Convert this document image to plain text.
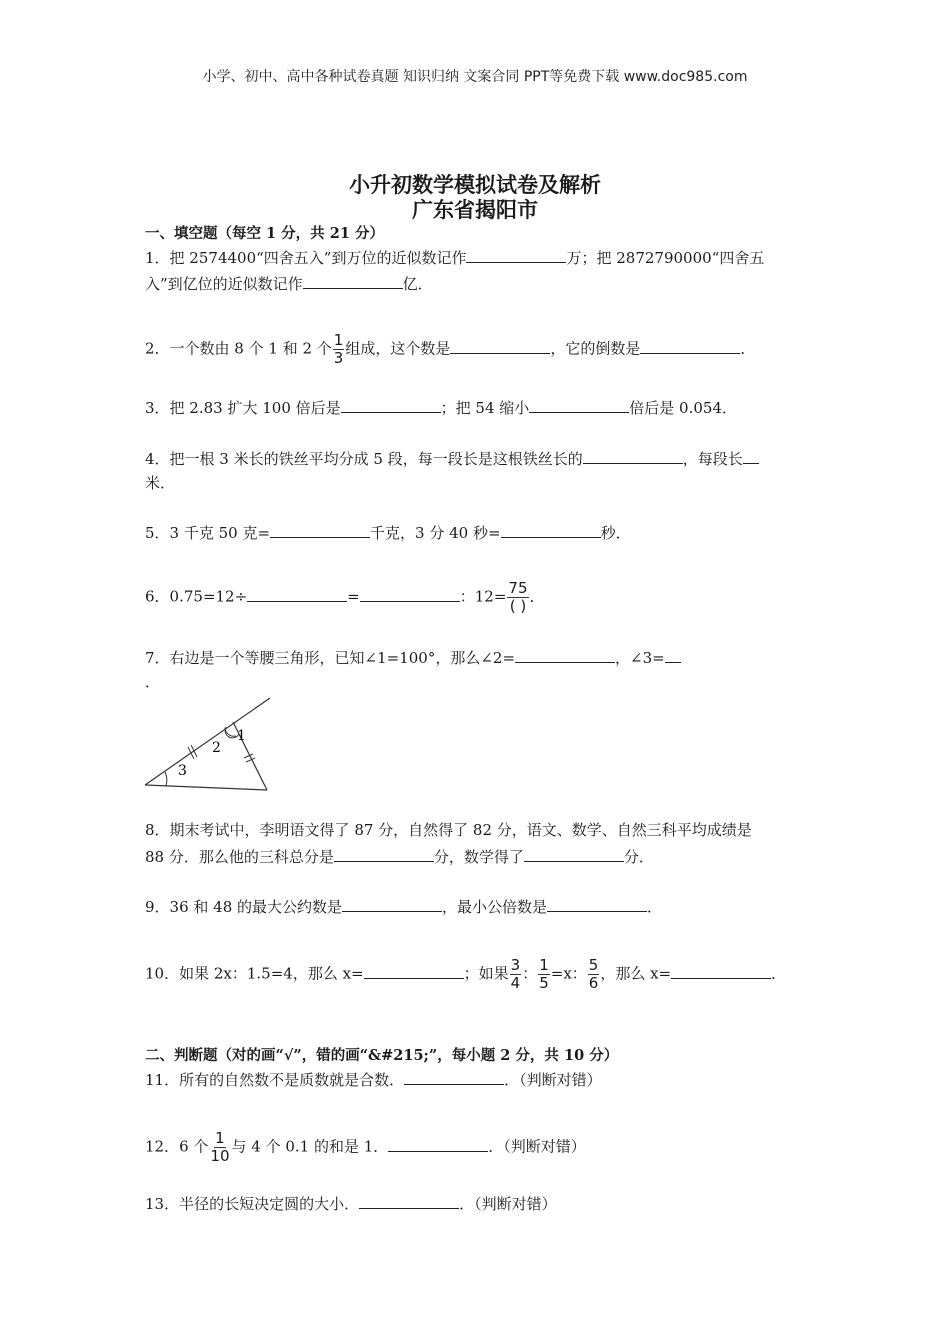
小学、初中、高中各种试卷真题 知识归纳 文案合同 PPT等免费下载 www.doc985.com
小升初数学模拟试卷及解析
广东省揭阳市
一、填空题（每空 1 分，共 21 分）
1．把 2574400“四舍五入”到万位的近似数记作	万；把 2872790000“四舍五
入”到亿位的近似数记作	亿．
2．一个数由 8 个 1 和 2 个 $\frac{1}{3}$ 组成，这个数是	，它的倒数是	．
3．把 2.83 扩大 100 倍后是	；把 54 缩小	倍后是 0.054．
4．把一根 3 米长的铁丝平均分成 5 段，每一段长是这根铁丝长的	，每段长
米．
5．3 千克 50 克=	千克，3 分 40 秒=	秒．
6．0.75=12÷	=	：$12= \frac{75}{( )}$ ．
7．右边是一个等腰三角形，已知∠1=100°，那么∠2=	，∠3=
．
1
2
3
8．期末考试中，李明语文得了 87 分，自然得了 82 分，语文、数学、自然三科平均成绩是
88 分．那么他的三科总分是	分，数学得了	分．
9．36 和 48 的最大公约数是	，最小公倍数是	．
10．如果 2x：1.5=4，那么 x=	；如果 $\frac{3}{4}$ ： $\frac{1}{5} =x$： $\frac{5}{6}$ ，那么 x=	．
二、判断题（对的画“√”，错的画“&#215;”，每小题 2 分，共 10 分）
11．所有的自然数不是质数就是合数．	．（判断对错）
12．6 个 $\frac{1}{10}$ 与 4 个 0.1 的和是 1．	．（判断对错）
13．半径的长短决定圆的大小．	．（判断对错）
